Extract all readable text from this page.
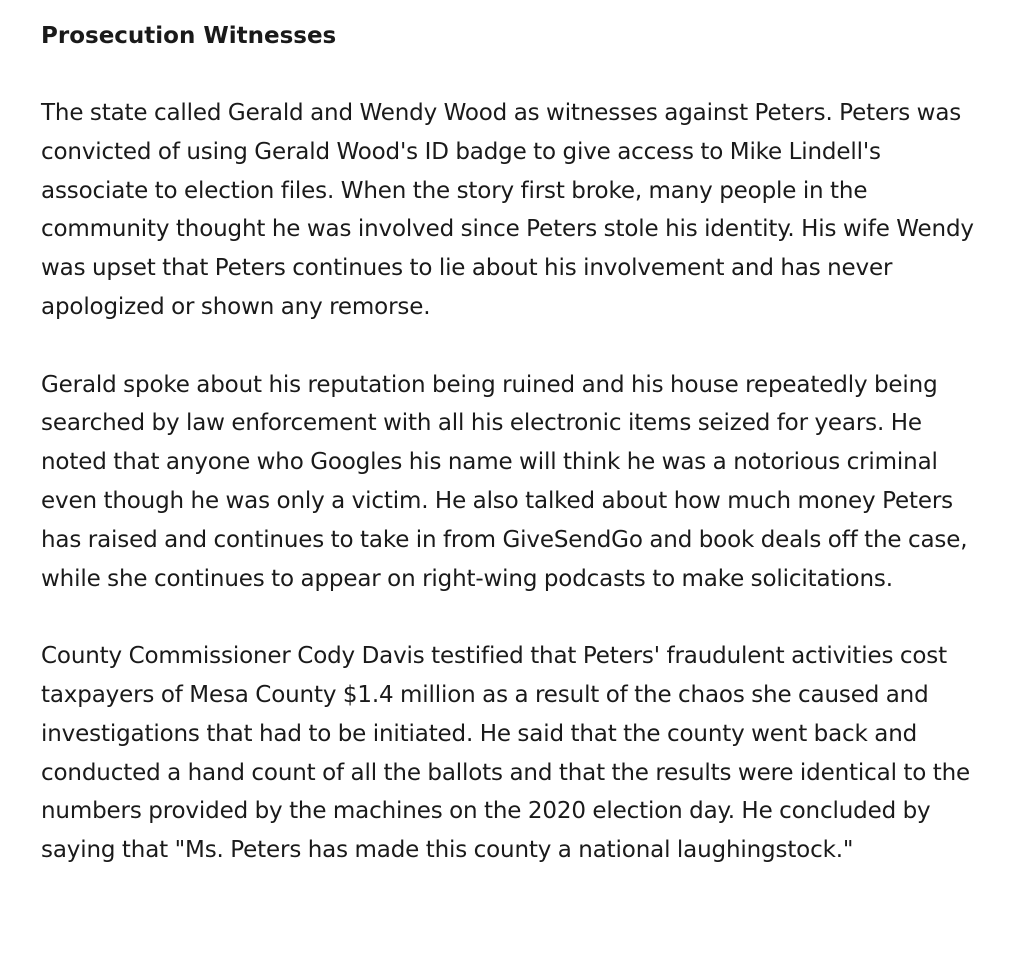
Prosecution Witnesses

The state called Gerald and Wendy Wood as witnesses against Peters. Peters was convicted of using Gerald Wood's ID badge to give access to Mike Lindell's associate to election files. When the story first broke, many people in the community thought he was involved since Peters stole his identity. His wife Wendy was upset that Peters continues to lie about his involvement and has never apologized or shown any remorse.

Gerald spoke about his reputation being ruined and his house repeatedly being searched by law enforcement with all his electronic items seized for years. He noted that anyone who Googles his name will think he was a notorious criminal even though he was only a victim. He also talked about how much money Peters has raised and continues to take in from GiveSendGo and book deals off the case, while she continues to appear on right-wing podcasts to make solicitations.

County Commissioner Cody Davis testified that Peters' fraudulent activities cost taxpayers of Mesa County $1.4 million as a result of the chaos she caused and investigations that had to be initiated. He said that the county went back and conducted a hand count of all the ballots and that the results were identical to the numbers provided by the machines on the 2020 election day. He concluded by saying that "Ms. Peters has made this county a national laughingstock."
